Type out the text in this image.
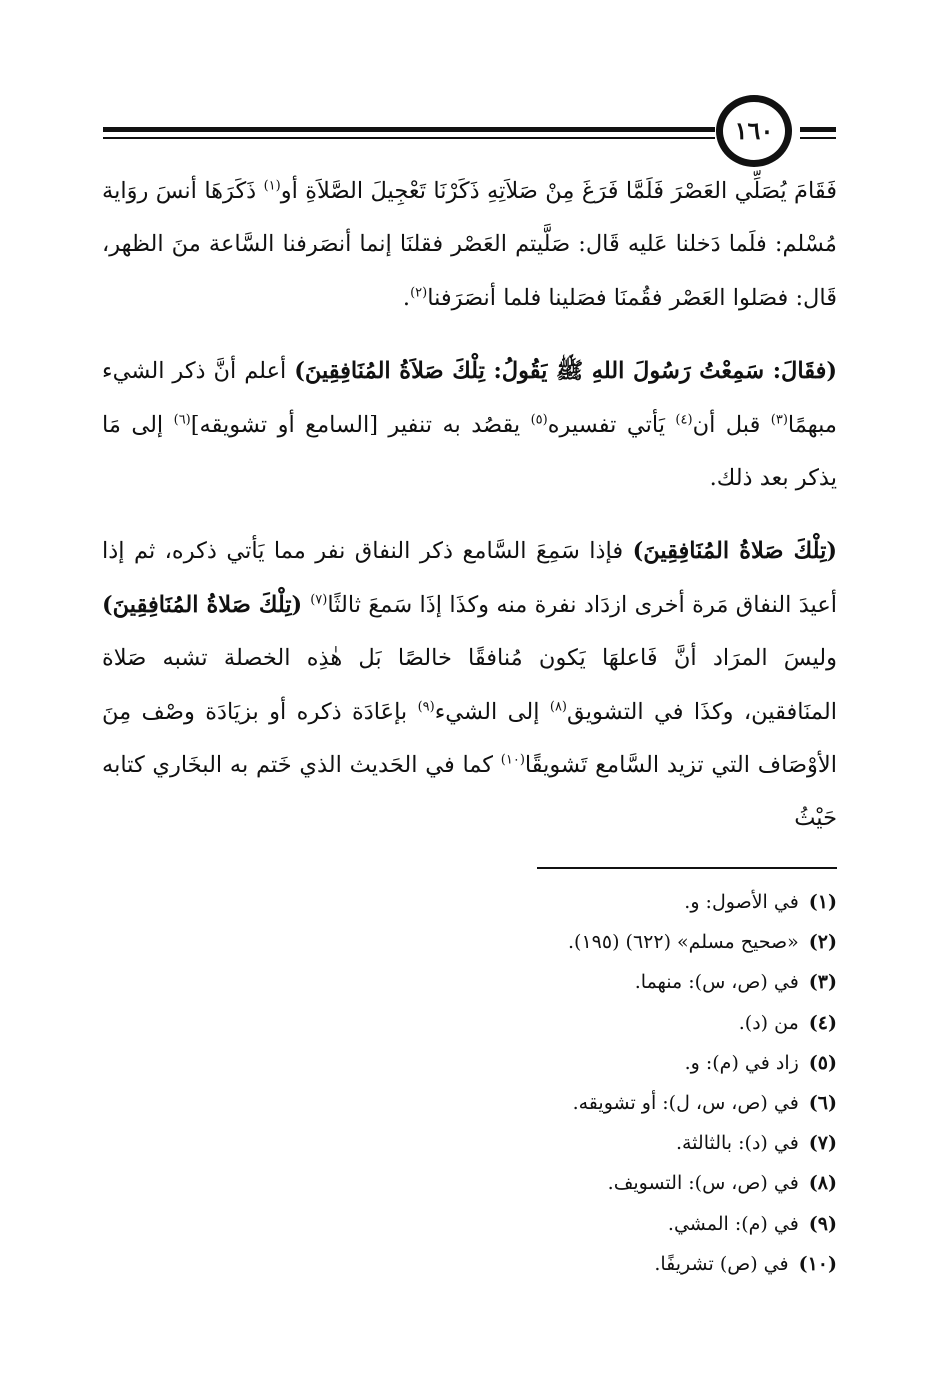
١٦٠

فَقَامَ يُصَلِّي العَصْرَ فَلَمَّا فَرَغَ مِنْ صَلاَتِهِ ذَكَرْنَا تَعْجِيلَ الصَّلاَةِ أو$^{(١)}$ ذَكَرَهَا أنسَ روَاية مُسْلم: فلَما دَخلنا عَليه قَال: صَلَّيتم العَصْر فقلنَا إنما أنصَرفنا السَّاعة منَ الظهر، قَال: فصَلوا العَصْر فقُمنَا فصَلينا فلما أنصَرَفنا$^{(٢)}$.

(فقَالَ: سَمِعْتُ رَسُولَ اللهِ ﷺ يَقُولُ: تِلْكَ صَلاَةُ المُنَافِقِينَ) أعلم أنَّ ذكر الشيء مبهمًا$^{(٣)}$ قبل أن$^{(٤)}$ يَأتي تفسيره$^{(٥)}$ يقصُد به تنفير [السامع أو تشويقه]$^{(٦)}$ إلى مَا يذكر بعد ذلك.

(تِلْكَ صَلاةُ المُنَافِقِينَ) فإذا سَمِعَ السَّامع ذكر النفاق نفر مما يَأتي ذكره، ثم إذا أعيدَ النفاق مَرة أخرى ازدَاد نفرة منه وكذَا إذَا سَمعَ ثالثًا$^{(٧)}$ (تِلْكَ صَلاةُ المُنَافِقِينَ) وليسَ المرَاد أنَّ فَاعلهَا يَكون مُنافقًا خالصًا بَل هٰذِه الخصلة تشبه صَلاة المنَافقين، وكذَا في التشويق$^{(٨)}$ إلى الشيء$^{(٩)}$ بإعَادَة ذكره أو بزيَادَة وصْف مِنَ الأوْصَاف التي تزيد السَّامع تَشويقًا$^{(١٠)}$ كما في الحَديث الذي خَتم به البخَاري كتابه حَيْثُ

(١)في الأصول: و.
(٢)«صحيح مسلم» (٦٢٢) (١٩٥).
(٣)في (ص، س): منهما.
(٤)من (د).
(٥)زاد في (م): و.
(٦)في (ص، س، ل): أو تشويقه.
(٧)في (د): بالثالثة.
(٨)في (ص، س): التسويف.
(٩)في (م): المشي.
(١٠)في (ص) تشريفًا.
